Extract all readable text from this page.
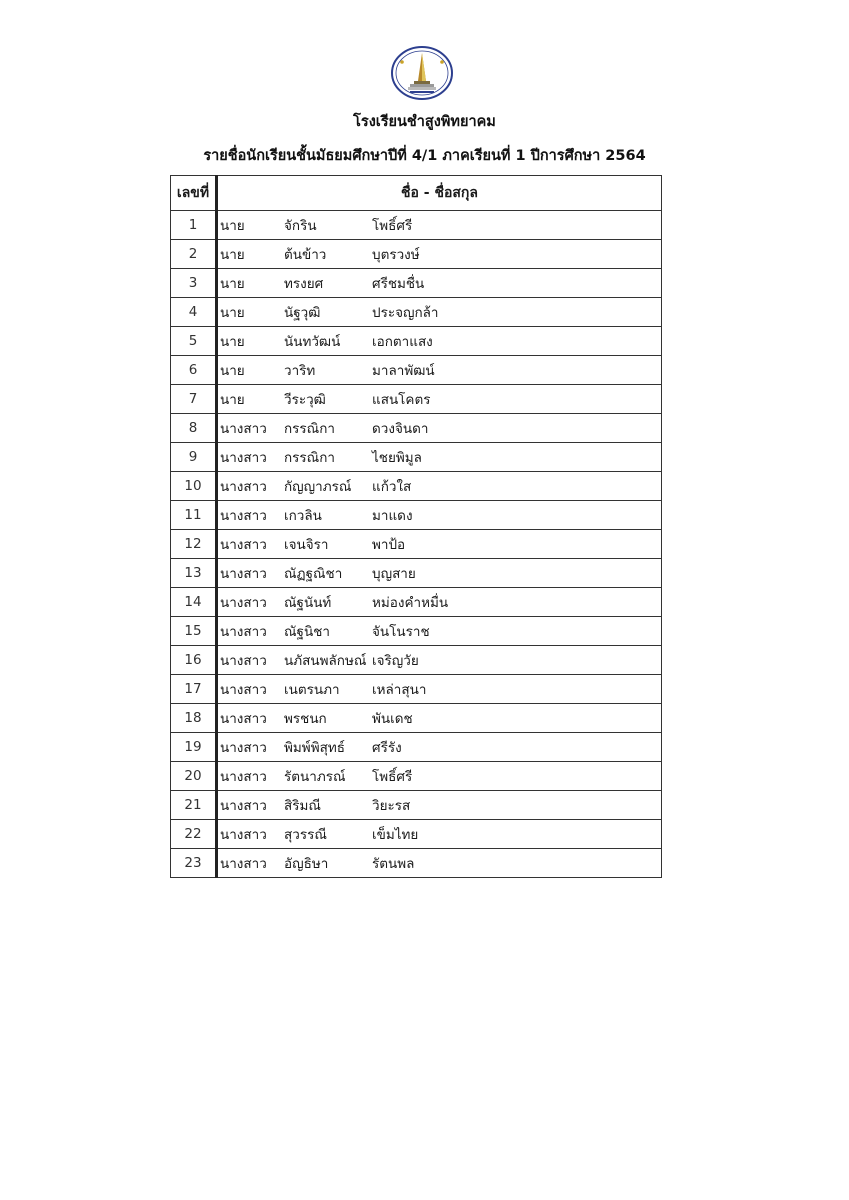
โรงเรียนชำสูงพิทยาคม
รายชื่อนักเรียนชั้นมัธยมศึกษาปีที่ 4/1 ภาคเรียนที่ 1 ปีการศึกษา 2564
เลขที่	ชื่อ - ชื่อสกุล
1	นาย จักริน โพธิ์ศรี

2	นาย ต้นข้าว บุตรวงษ์

3	นาย ทรงยศ ศรีชมชื่น

4	นาย นัฐวุฒิ ประจญกล้า

5	นาย นันทวัฒน์ เอกตาแสง

6	นาย วาริท มาลาพัฒน์

7	นาย วีระวุฒิ แสนโคตร

8	นางสาว กรรณิกา ดวงจินดา

9	นางสาว กรรณิกา ไชยพิมูล

10	นางสาว กัญญาภรณ์ แก้วใส

11	นางสาว เกวลิน มาแดง

12	นางสาว เจนจิรา พาป้อ

13	นางสาว ณัฏฐณิชา บุญสาย

14	นางสาว ณัฐนันท์ หม่องคำหมื่น

15	นางสาว ณัฐนิชา จันโนราช

16	นางสาว นภัสนพลักษณ์ เจริญวัย

17	นางสาว เนตรนภา เหล่าสุนา

18	นางสาว พรชนก พันเดช

19	นางสาว พิมพ์พิสุทธ์ ศรีรัง

20	นางสาว รัตนาภรณ์ โพธิ์ศรี

21	นางสาว สิริมณี วิยะรส

22	นางสาว สุวรรณี เข็มไทย

23	นางสาว อัญธิษา รัตนพล
